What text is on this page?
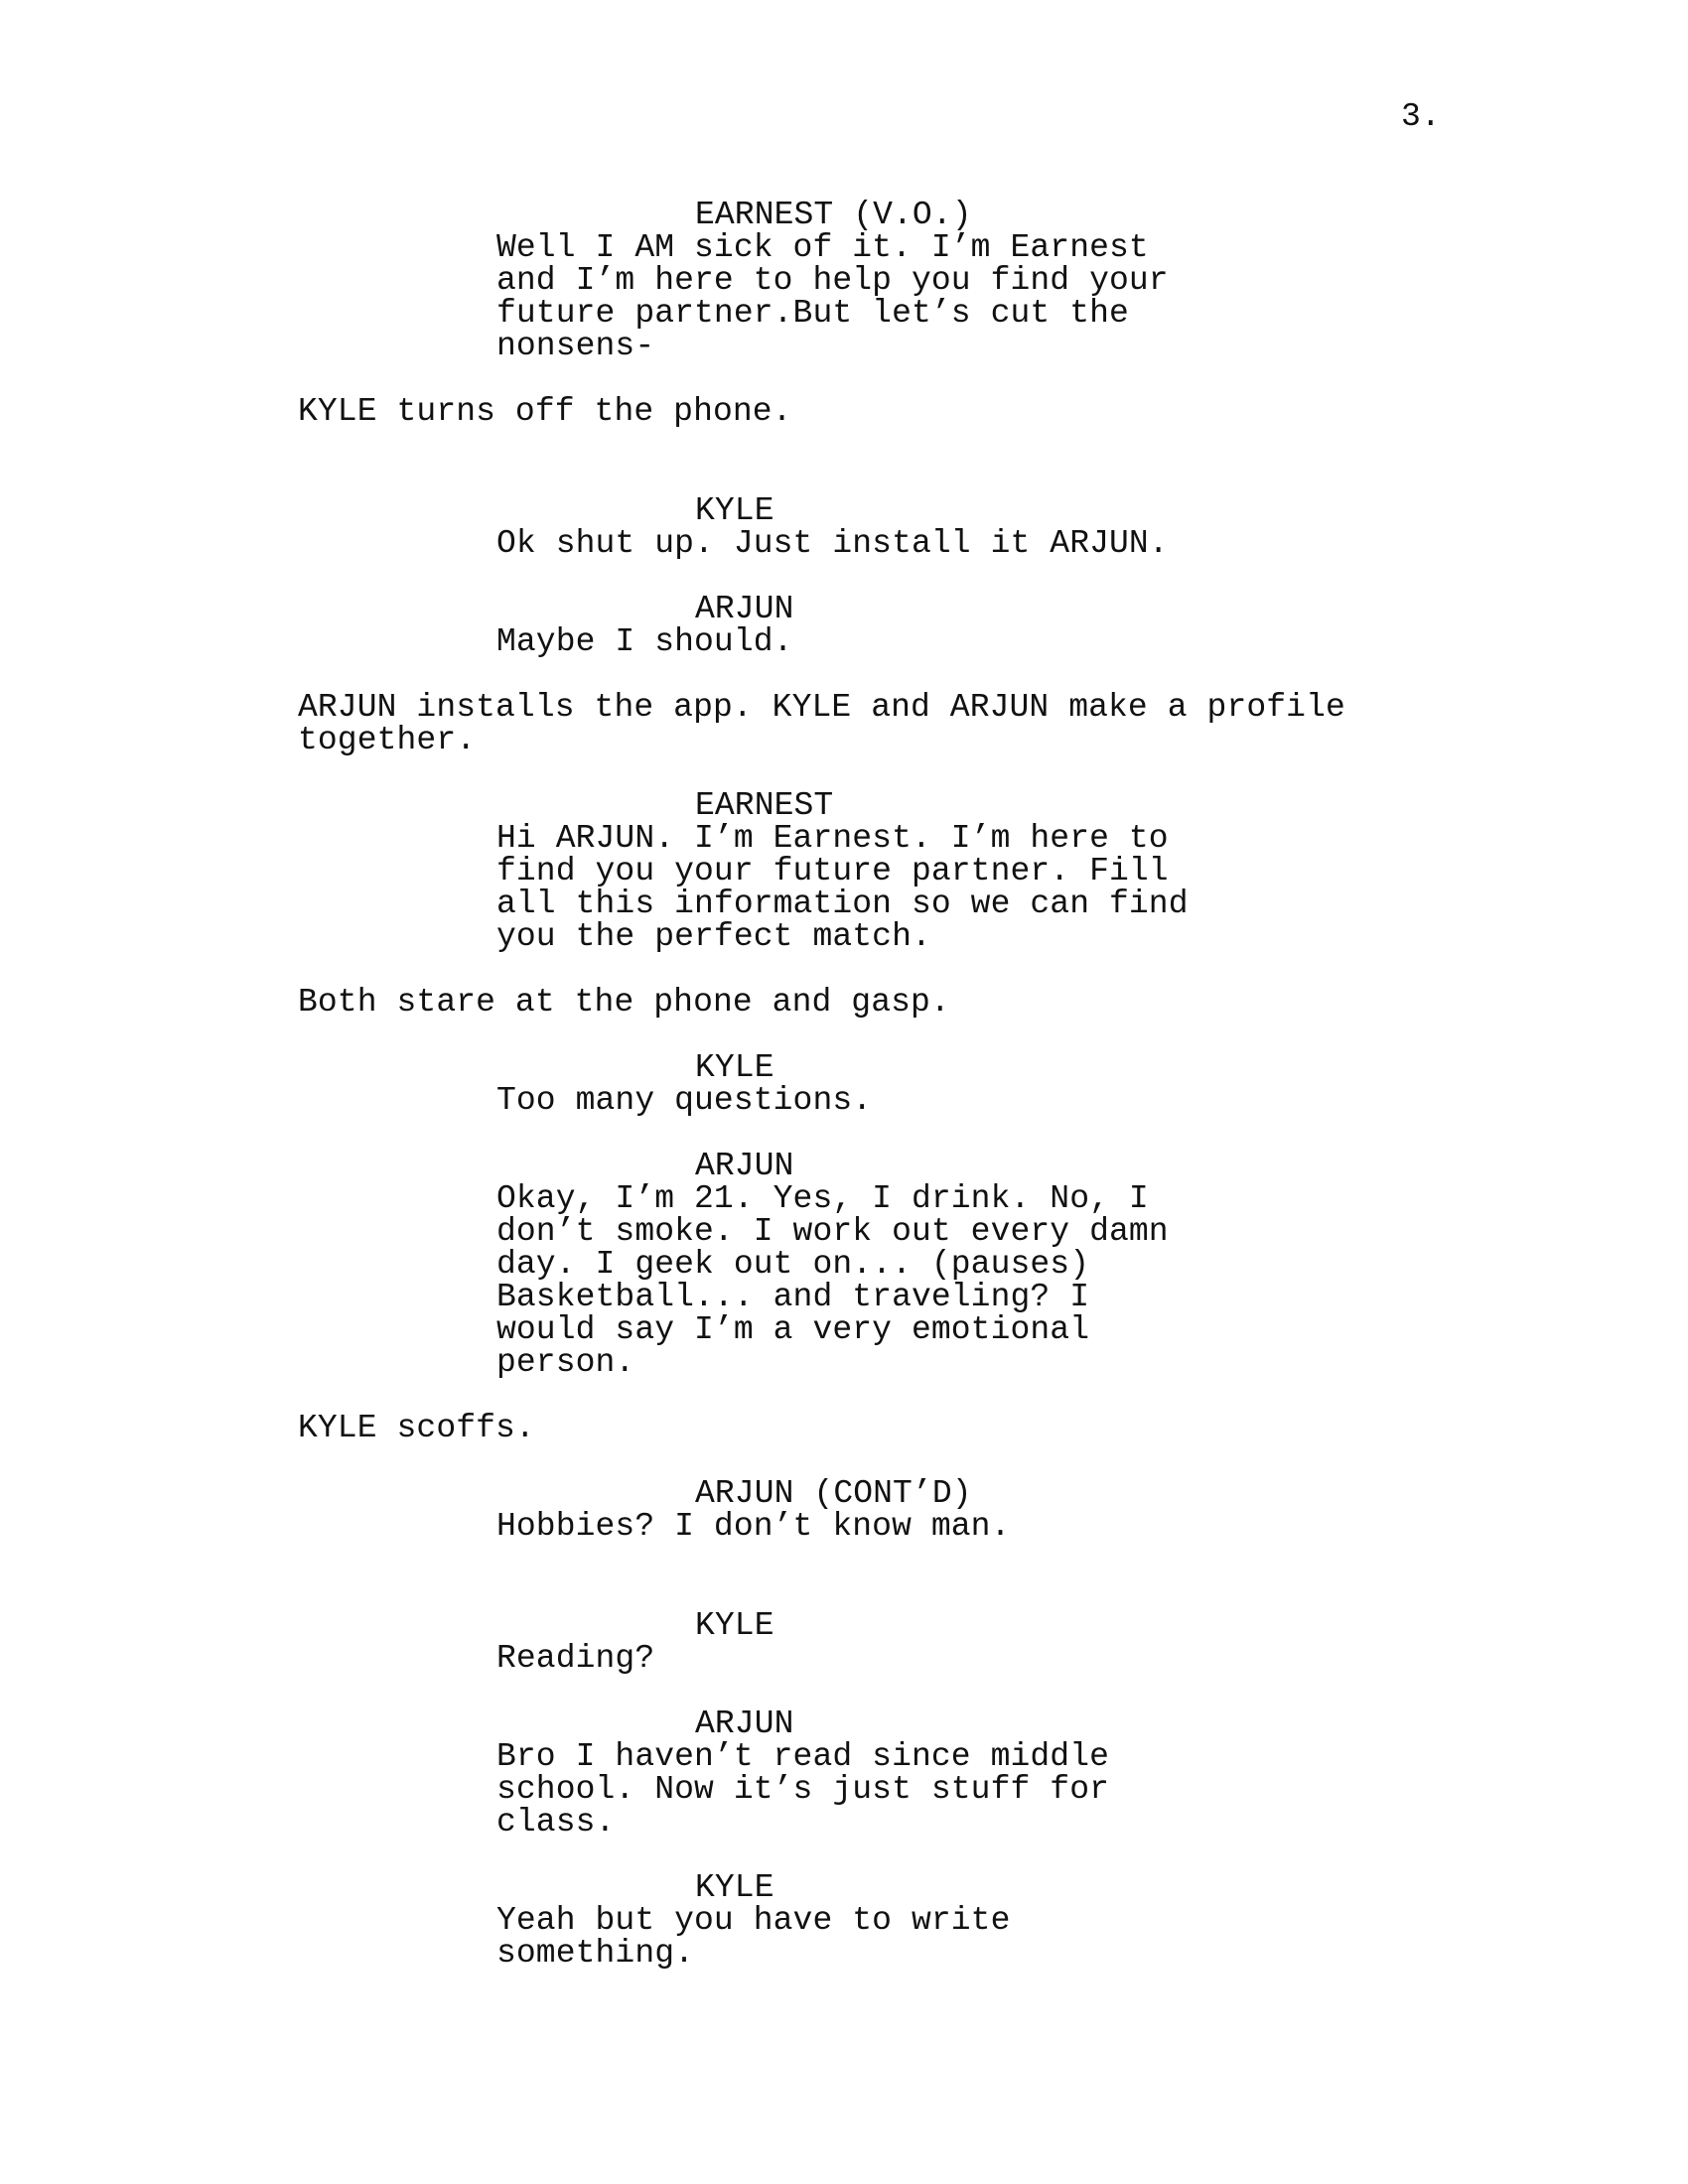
3.

EARNEST (V.O.)

Well I AM sick of it. I’m Earnest

and I’m here to help you find your

future partner.But let’s cut the

nonsens-

KYLE turns off the phone.

KYLE

Ok shut up. Just install it ARJUN.

ARJUN

Maybe I should.

ARJUN installs the app. KYLE and ARJUN make a profile

together.

EARNEST

Hi ARJUN. I’m Earnest. I’m here to

find you your future partner. Fill

all this information so we can find

you the perfect match.

Both stare at the phone and gasp.

KYLE

Too many questions.

ARJUN

Okay, I’m 21. Yes, I drink. No, I

don’t smoke. I work out every damn

day. I geek out on... (pauses)

Basketball... and traveling? I

would say I’m a very emotional

person.

KYLE scoffs.

ARJUN (CONT’D)

Hobbies? I don’t know man.

KYLE

Reading?

ARJUN

Bro I haven’t read since middle

school. Now it’s just stuff for

class.

KYLE

Yeah but you have to write

something.
